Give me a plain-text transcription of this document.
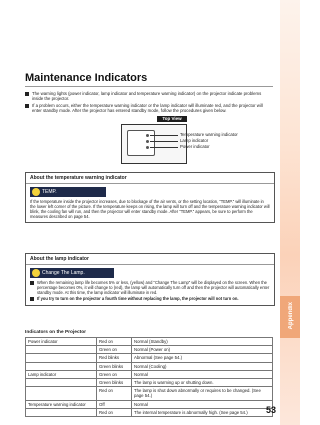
Appendix
Maintenance Indicators
The warning lights (power indicator, lamp indicator and temperature warning indicator) on the projector indicate problems inside the projector.
If a problem occurs, either the temperature warning indicator or the lamp indicator will illuminate red, and the projector will enter standby mode. After the projector has entered standby mode, follow the procedures given below.
Top View
Temperature warning indicator
Lamp indicator
Power indicator
About the temperature warning indicator
TEMP.
If the temperature inside the projector increases, due to blockage of the air vents, or the setting location, "TEMP." will illuminate in the lower left corner of the picture. If the temperature keeps on rising, the lamp will turn off and the temperature warning indicator will blink, the cooling fan will run, and then the projector will enter standby mode. After "TEMP." appears, be sure to perform the measures described on page 54.
About the lamp indicator
Change The Lamp.
When the remaining lamp life becomes 5% or less, (yellow) and "Change The Lamp" will be displayed on the screen. When the percentage becomes 0%, it will change to (red), the lamp will automatically turn off and then the projector will automatically enter standby mode. At this time, the lamp indicator will illuminate in red.
If you try to turn on the projector a fourth time without replacing the lamp, the projector will not turn on.
Indicators on the Projector
Power indicator	Red on	Normal (Standby)
	Green on	Normal (Power on)
	Red blinks	Abnormal (See page 54.)
	Green blinks	Normal (Cooling)
Lamp indicator	Green on	Normal
	Green blinks	The lamp is warming up or shutting down.
	Red on	The lamp is shut down abnormally or requires to be changed. (See page 54.)
Temperature warning indicator	Off	Normal
	Red on	The internal temperature is abnormally high. (See page 54.) 53
